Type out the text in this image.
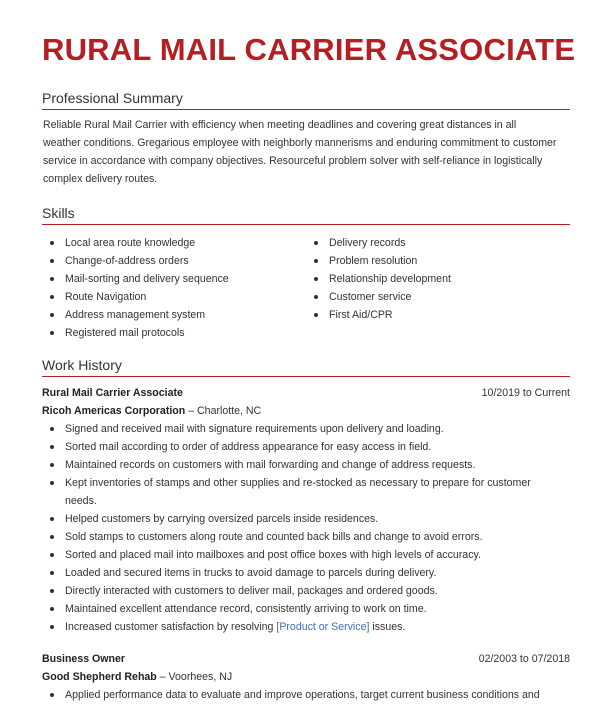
RURAL MAIL CARRIER ASSOCIATE
Professional Summary
Reliable Rural Mail Carrier with efficiency when meeting deadlines and covering great distances in all
weather conditions. Gregarious employee with neighborly mannerisms and enduring commitment to customer
service in accordance with company objectives. Resourceful problem solver with self-reliance in logistically
complex delivery routes.
Skills
Local area route knowledge
Change-of-address orders
Mail-sorting and delivery sequence
Route Navigation
Address management system
Registered mail protocols
Delivery records
Problem resolution
Relationship development
Customer service
First Aid/CPR
Work History
Rural Mail Carrier Associate	10/2019 to Current
Ricoh Americas Corporation – Charlotte, NC
Signed and received mail with signature requirements upon delivery and loading.
Sorted mail according to order of address appearance for easy access in field.
Maintained records on customers with mail forwarding and change of address requests.
Kept inventories of stamps and other supplies and re-stocked as necessary to prepare for customer
needs.
Helped customers by carrying oversized parcels inside residences.
Sold stamps to customers along route and counted back bills and change to avoid errors.
Sorted and placed mail into mailboxes and post office boxes with high levels of accuracy.
Loaded and secured items in trucks to avoid damage to parcels during delivery.
Directly interacted with customers to deliver mail, packages and ordered goods.
Maintained excellent attendance record, consistently arriving to work on time.
Increased customer satisfaction by resolving [Product or Service] issues.
Business Owner	02/2003 to 07/2018
Good Shepherd Rehab – Voorhees, NJ
Applied performance data to evaluate and improve operations, target current business conditions and
